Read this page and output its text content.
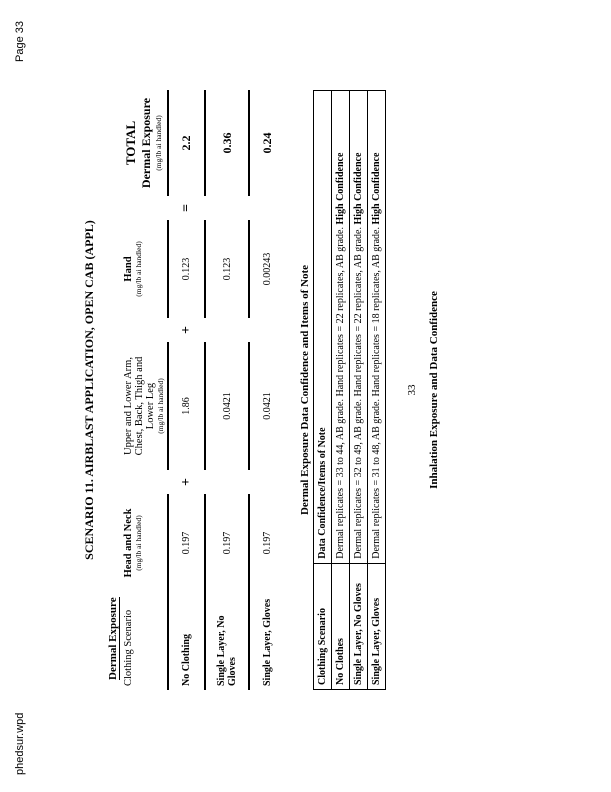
Page 33
phedsur.wpd
SCENARIO 11. AIRBLAST APPLICATION, OPEN CAB (APPL)
Dermal Exposure Clothing Scenario	Head and Neck (mg/lb ai handled)		Upper and Lower Arm, Chest, Back, Thigh and Lower Leg (mg/lb ai handled)		Hand (mg/lb ai handled)		TOTAL Dermal Exposure (mg/lb ai handled)

No Clothing	0.197	+	1.86	+	0.123	=	2.2
Single Layer, No Gloves	0.197		0.0421		0.123		0.36
Single Layer, Gloves	0.197		0.0421		0.00243		0.24
Dermal Exposure Data Confidence and Items of Note
Clothing Scenario	Data Confidence/Items of Note
No Clothes	Dermal replicates = 33 to 44, AB grade. Hand replicates = 22 replicates, AB grade. High Confidence
Single Layer, No Gloves	Dermal replicates = 32 to 49, AB grade. Hand replicates = 22 replicates, AB grade. High Confidence
Single Layer, Gloves	Dermal replicates = 31 to 48, AB grade. Hand replicates = 18 replicates, AB grade. High Confidence
33 Inhalation Exposure and Data Confidence
